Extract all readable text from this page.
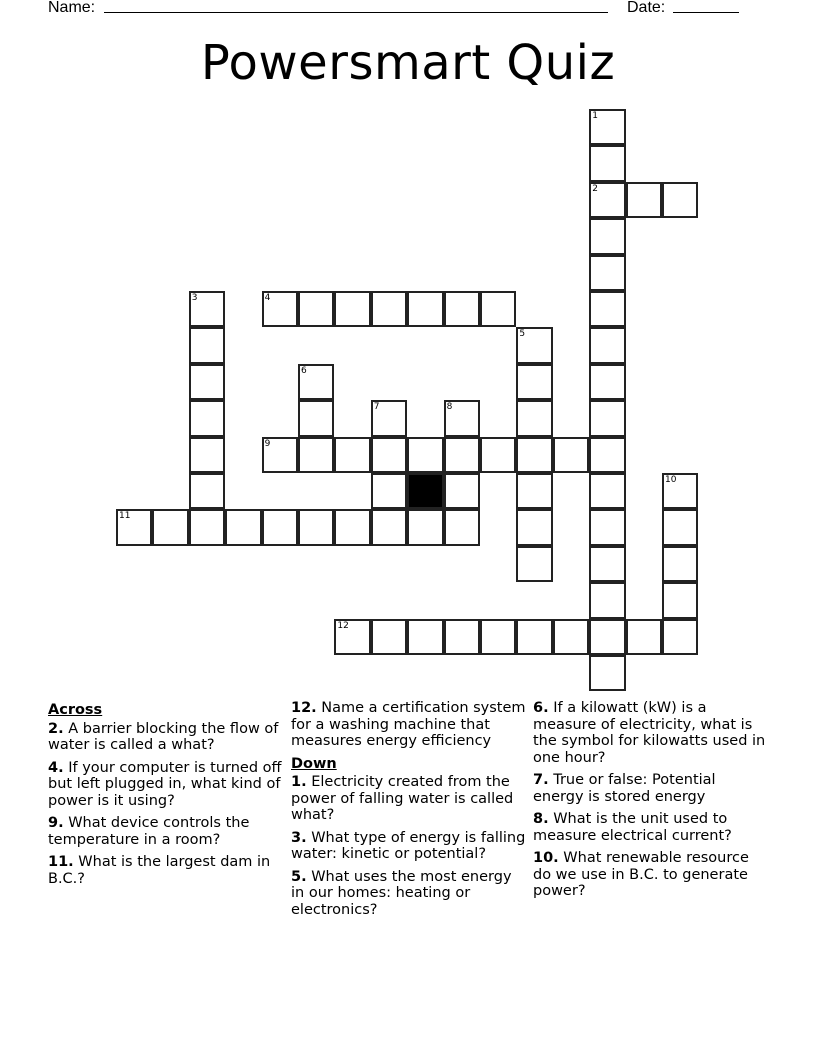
Name:	Date:
Powersmart Quiz
1
2
3	4
5
6
7	8
9
10
11
12
Across
2. A barrier blocking the flow of water is called a what?
4. If your computer is turned off but left plugged in, what kind of power is it using?
9. What device controls the temperature in a room?
11. What is the largest dam in B.C.?
12. Name a certification system for a washing machine that measures energy efficiency
Down
1. Electricity created from the power of falling water is called what?
3. What type of energy is falling water: kinetic or potential?
5. What uses the most energy in our homes: heating or electronics?
6. If a kilowatt (kW) is a measure of electricity, what is the symbol for kilowatts used in one hour?
7. True or false: Potential energy is stored energy
8. What is the unit used to measure electrical current?
10. What renewable resource do we use in B.C. to generate power?
